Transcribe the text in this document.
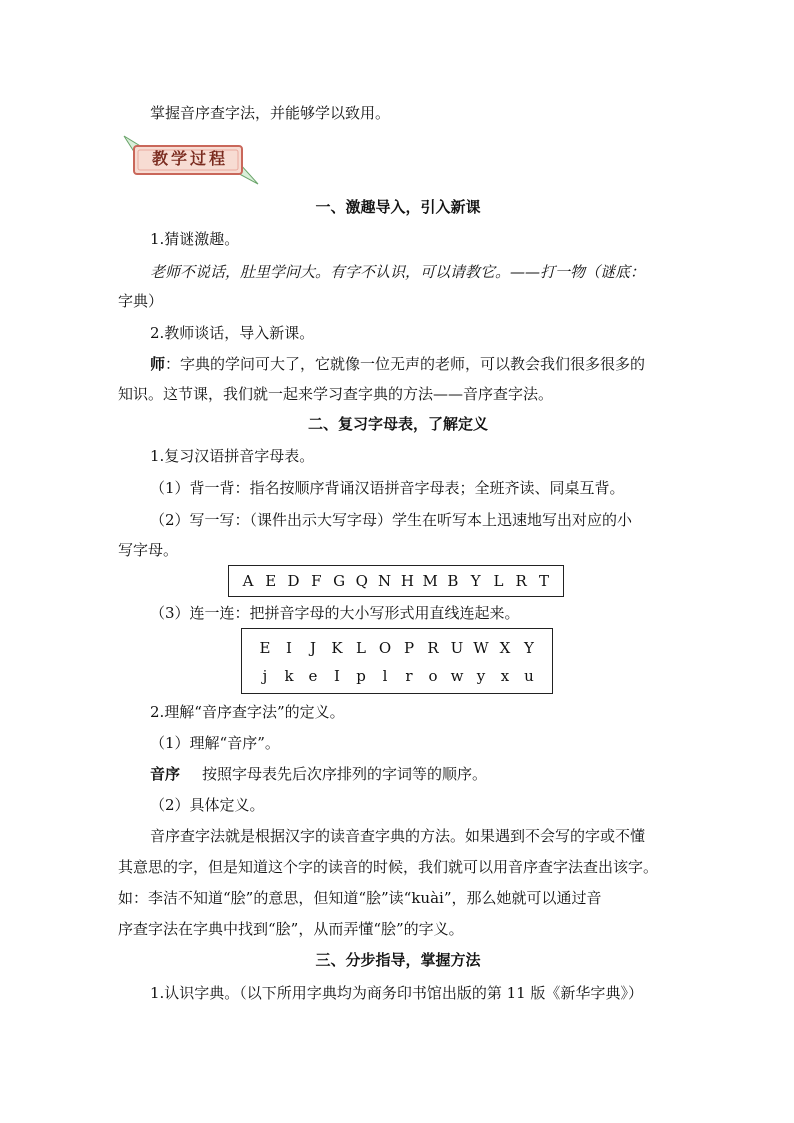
掌握音序查字法，并能够学以致用。
教学过程
一、激趣导入，引入新课
1.猜谜激趣。
老师不说话，肚里学问大。有字不认识，可以请教它。——打一物（谜底：
字典）
2.教师谈话，导入新课。
师：字典的学问可大了，它就像一位无声的老师，可以教会我们很多很多的
知识。这节课，我们就一起来学习查字典的方法——音序查字法。
二、复习字母表，了解定义
1.复习汉语拼音字母表。
（1）背一背：指名按顺序背诵汉语拼音字母表；全班齐读、同桌互背。
（2）写一写：（课件出示大写字母）学生在听写本上迅速地写出对应的小
写字母。
A E D F G Q N H M B Y L R T
（3）连一连：把拼音字母的大小写形式用直线连起来。
E	I	J	K L O P R U W X Y
j	k	e	I	p	l	r	o w y	x u
2.理解“音序查字法”的定义。
（1）理解“音序”。
音序 按照字母表先后次序排列的字词等的顺序。
（2）具体定义。
音序查字法就是根据汉字的读音查字典的方法。如果遇到不会写的字或不懂
其意思的字，但是知道这个字的读音的时候，我们就可以用音序查字法查出该字。
如：李洁不知道“脍”的意思，但知道“脍”读“kuài”，那么她就可以通过音
序查字法在字典中找到“脍”，从而弄懂“脍”的字义。
三、分步指导，掌握方法
1.认识字典。（以下所用字典均为商务印书馆出版的第 11 版《新华字典》）
